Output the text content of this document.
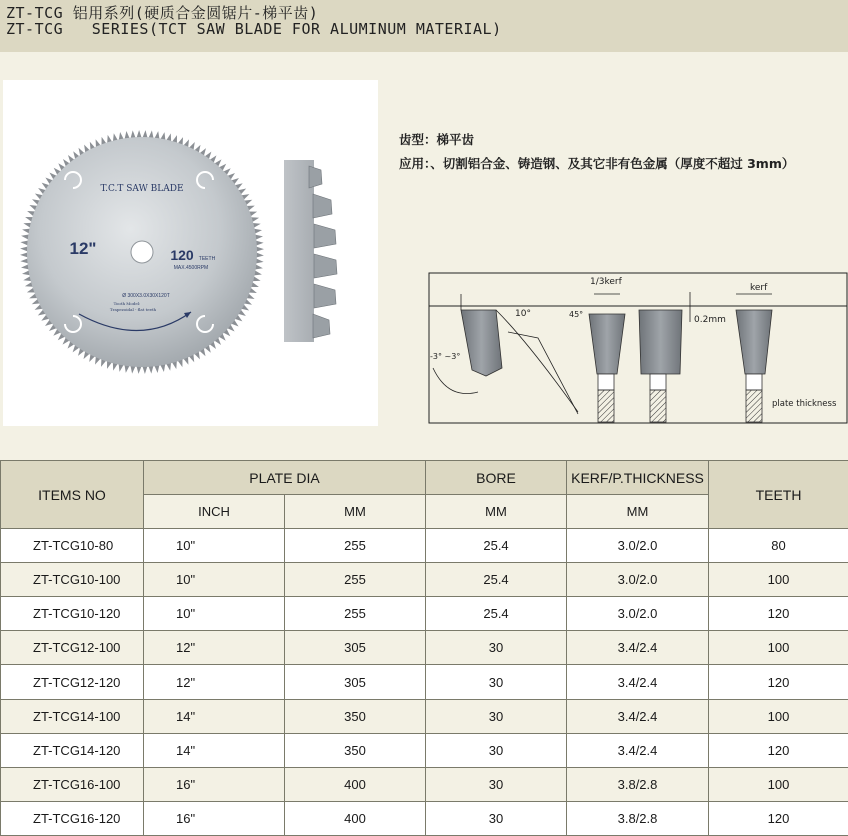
ZT-TCG 铝用系列(硬质合金圆锯片-梯平齿)
ZT-TCG   SERIES(TCT SAW BLADE FOR ALUMINUM MATERIAL)
T.C.T SAW BLADE
12"	120 TEETH
MAX.4500RPM
Ø 300X3.0X30X120T
Tooth Model:
Trapezoidal - flat teeth
齿型：梯平齿
应用：、切割铝合金、铸造钢、及其它非有色金属（厚度不超过 3mm）
10°
-3° ~3°
1/3kerf
45°
0.2mm
kerf
plate thickness
ITEMS NO	PLATE DIA		BORE	KERF/P.THICKNESS	TEETH
	INCH	MM	MM	MM	
ZT-TCG10-80	10"	255	25.4	3.0/2.0	80
ZT-TCG10-100	10"	255	25.4	3.0/2.0	100
ZT-TCG10-120	10"	255	25.4	3.0/2.0	120
ZT-TCG12-100	12"	305	30	3.4/2.4	100
ZT-TCG12-120	12"	305	30	3.4/2.4	120
ZT-TCG14-100	14"	350	30	3.4/2.4	100
ZT-TCG14-120	14"	350	30	3.4/2.4	120
ZT-TCG16-100	16"	400	30	3.8/2.8	100
ZT-TCG16-120	16"	400	30	3.8/2.8	120
